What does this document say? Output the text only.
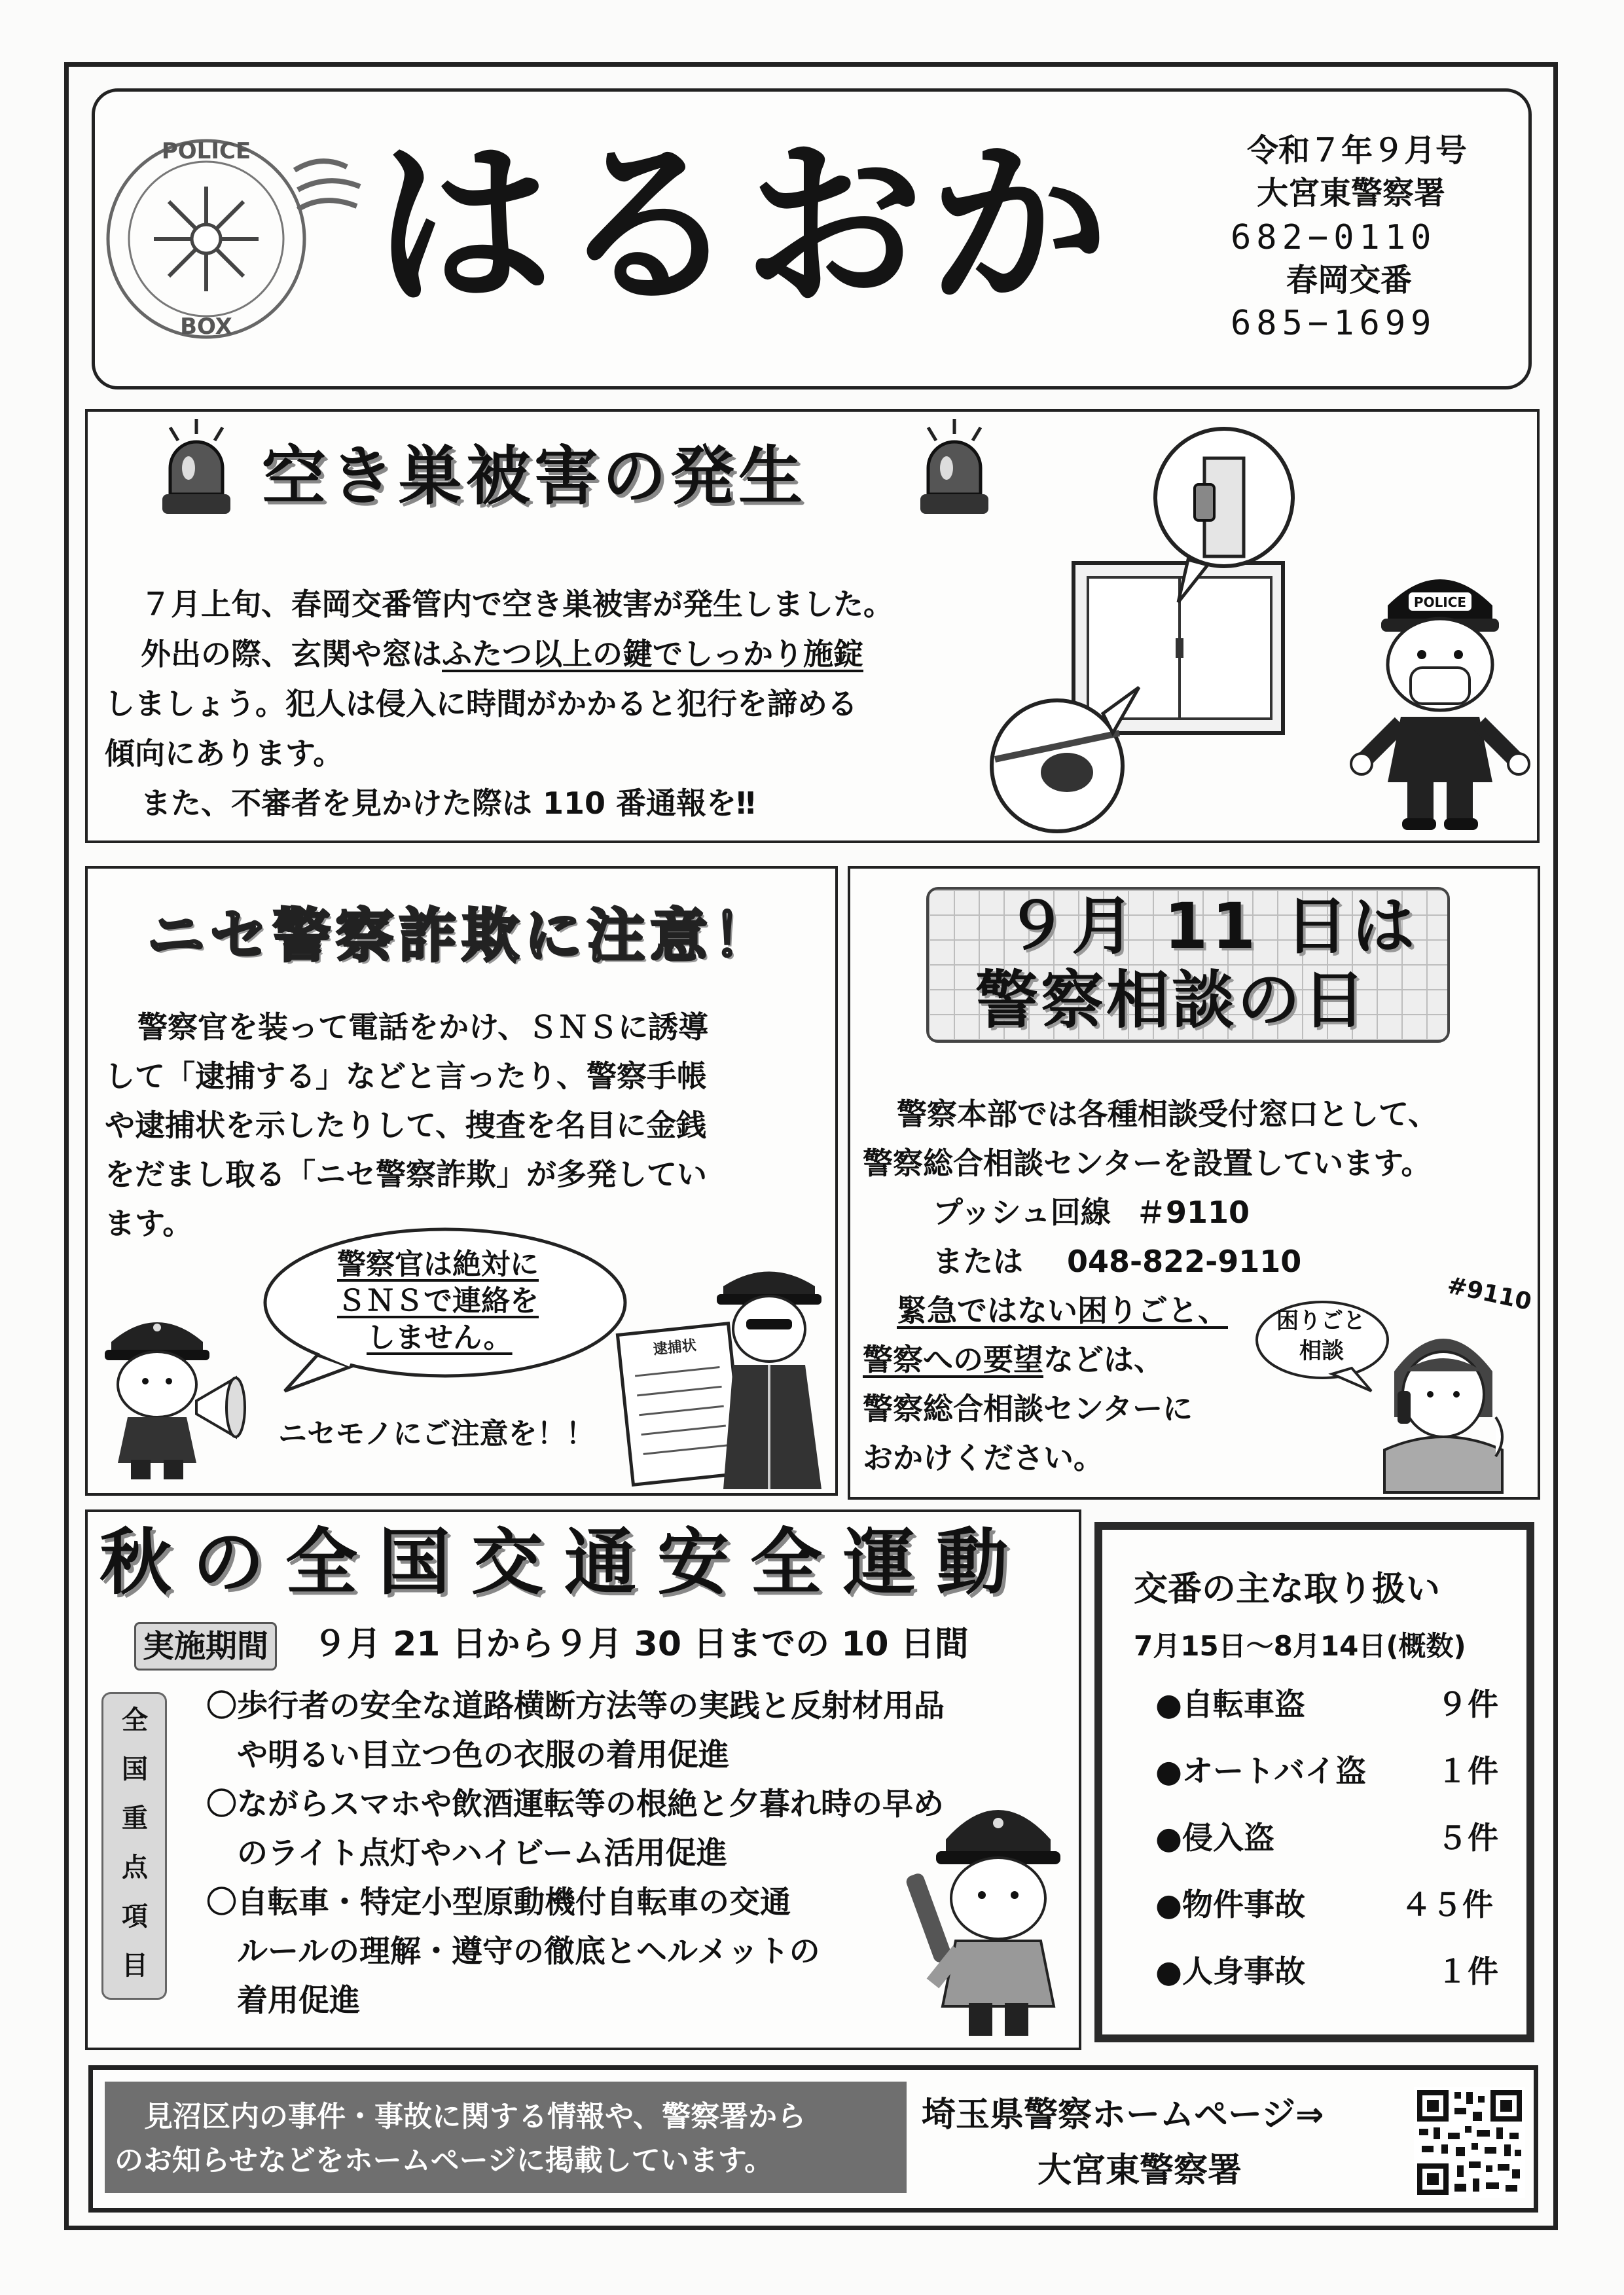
POLICE
BOX はるおか	令和７年９月号
大宮東警察署
682−0110
春岡交番
685−1699
空き巣被害の発生
７月上旬、春岡交番管内で空き巣被害が発生しました。
外出の際、玄関や窓はふたつ以上の鍵でしっかり施錠
しましょう。犯人は侵入に時間がかかると犯行を諦める
傾向にあります。
また、不審者を見かけた際は 110 番通報を‼
POLICE
ニセ警察詐欺に注意！
警察官を装って電話をかけ、ＳＮＳに誘導
して「逮捕する」などと言ったり、警察手帳
や逮捕状を示したりして、捜査を名目に金銭
をだまし取る「ニセ警察詐欺」が多発してい
ます。
警察官は絶対に
ＳＮＳで連絡を
しません。
ニセモノにご注意を！！
逮捕状
９月 11 日は
警察相談の日
警察本部では各種相談受付窓口として、
警察総合相談センターを設置しています。
プッシュ回線 ＃9110
または 048-822-9110
緊急ではない困りごと、
警察への要望などは、
警察総合相談センターに
おかけください。
#9110
困りごと
相談
秋の全国交通安全運動
実施期間 ９月 21 日から９月 30 日までの 10 日間
全
国
重
点
項
目
〇歩行者の安全な道路横断方法等の実践と反射材用品
　や明るい目立つ色の衣服の着用促進
〇ながらスマホや飲酒運転等の根絶と夕暮れ時の早め
　のライト点灯やハイビーム活用促進
〇自転車・特定小型原動機付自転車の交通
　ルールの理解・遵守の徹底とヘルメットの
　着用促進
交番の主な取り扱い
7月15日～8月14日(概数)
●自転車盗	９件
●オートバイ盗 １件
●侵入盗	５件
●物件事故	４５件
●人身事故	１件
見沼区内の事件・事故に関する情報や、警察署から
のお知らせなどをホームページに掲載しています。
埼玉県警察ホームページ⇒
大宮東警察署
